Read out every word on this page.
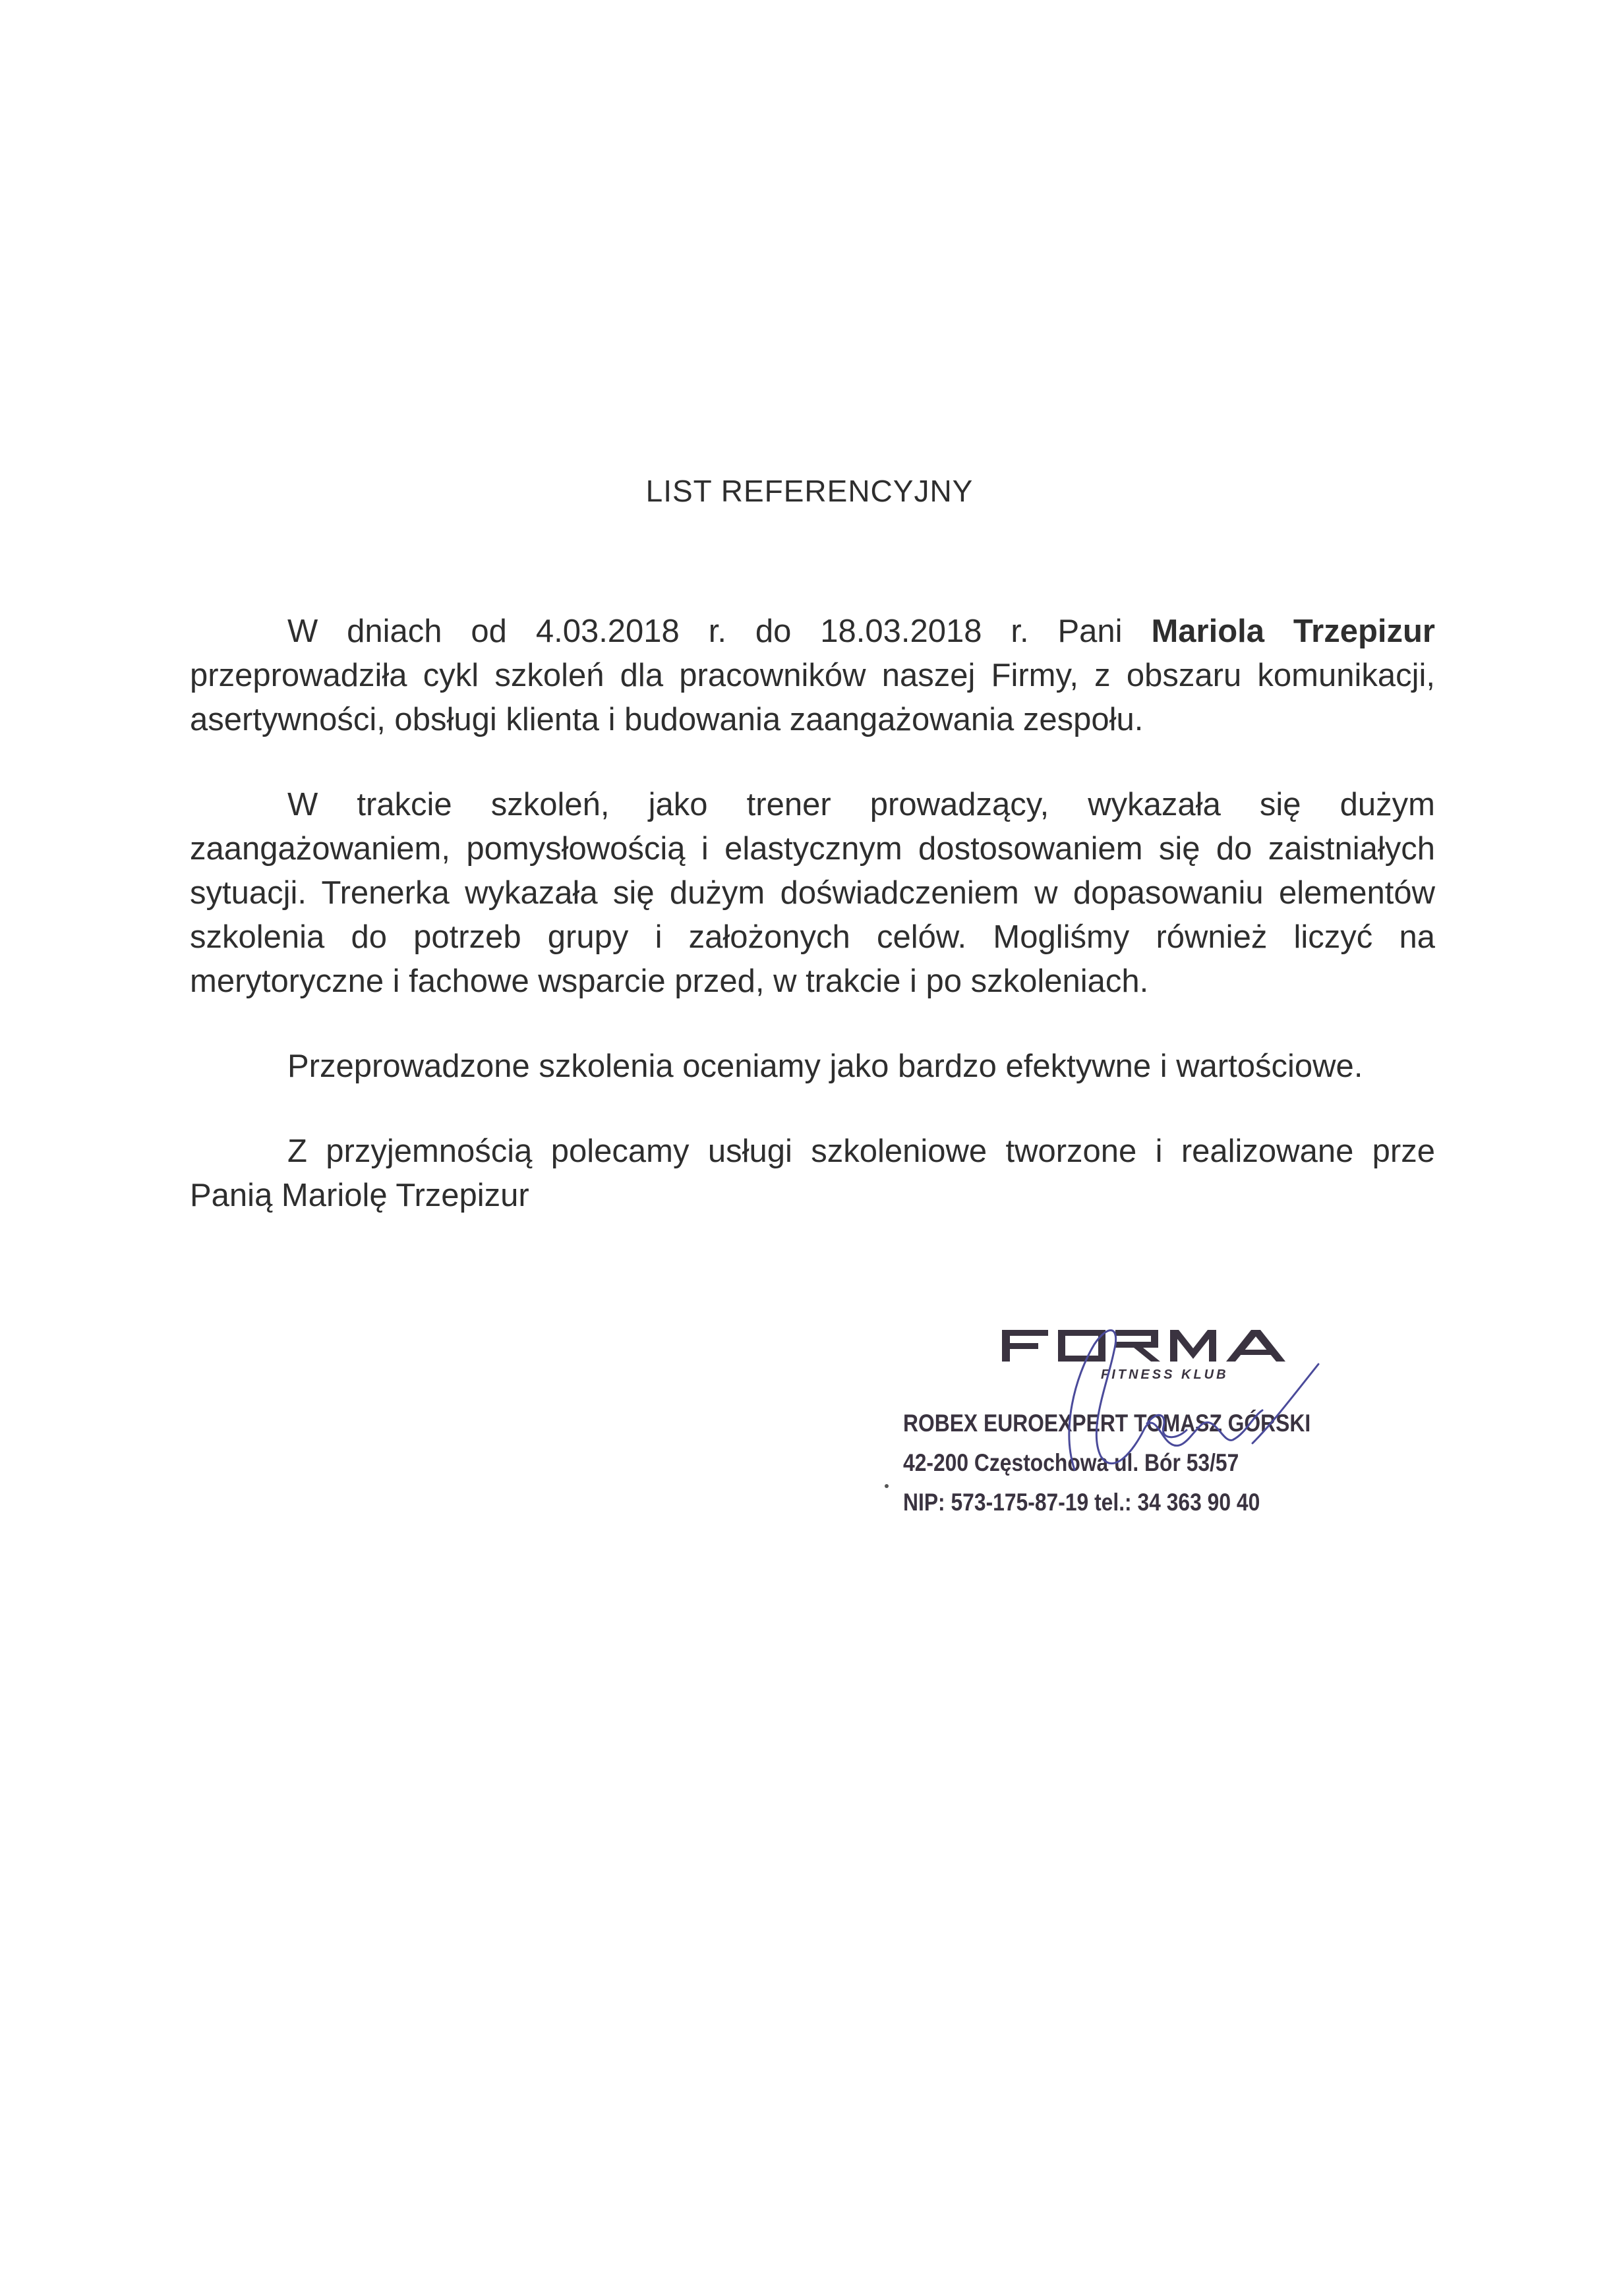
LIST REFERENCYJNY

W dniach od 4.03.2018 r. do 18.03.2018 r. Pani Mariola Trzepizur przeprowadziła cykl szkoleń dla pracowników naszej Firmy, z obszaru komunikacji, asertywności, obsługi klienta i budowania zaangażowania zespołu.

W trakcie szkoleń, jako trener prowadzący, wykazała się dużym zaangażowaniem, pomysłowością i elastycznym dostosowaniem się do zaistniałych sytuacji. Trenerka wykazała się dużym doświadczeniem w dopasowaniu elementów szkolenia do potrzeb grupy i założonych celów. Mogliśmy również liczyć na merytoryczne i fachowe wsparcie przed, w trakcie i po szkoleniach.

Przeprowadzone szkolenia oceniamy jako bardzo efektywne i wartościowe.

Z przyjemnością polecamy usługi szkoleniowe tworzone i realizowane prze Panią Mariolę Trzepizur

FITNESS KLUB
ROBEX EUROEXPERT TOMASZ GÓRSKI
42-200 Częstochowa ul. Bór 53/57
NIP: 573-175-87-19 tel.: 34 363 90 40
